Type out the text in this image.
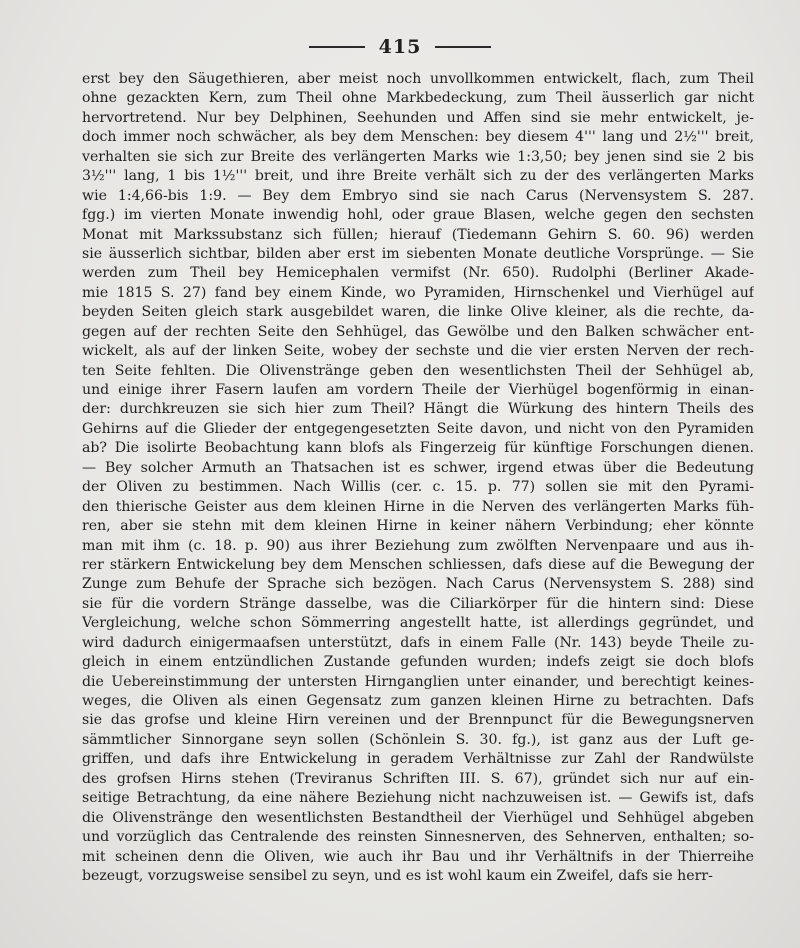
415
erst bey den Säugethieren, aber meist noch unvollkommen entwickelt, flach, zum Theil
ohne gezackten Kern, zum Theil ohne Markbedeckung, zum Theil äusserlich gar nicht
hervortretend. Nur bey Delphinen, Seehunden und Affen sind sie mehr entwickelt, je-
doch immer noch schwächer, als bey dem Menschen: bey diesem 4''' lang und 2½''' breit,
verhalten sie sich zur Breite des verlängerten Marks wie 1:3,50; bey jenen sind sie 2 bis
3½''' lang, 1 bis 1½''' breit, und ihre Breite verhält sich zu der des verlängerten Marks
wie 1:4,66-bis 1:9. — Bey dem Embryo sind sie nach Carus (Nervensystem S. 287.
fgg.) im vierten Monate inwendig hohl, oder graue Blasen, welche gegen den sechsten
Monat mit Markssubstanz sich füllen; hierauf (Tiedemann Gehirn S. 60. 96) werden
sie äusserlich sichtbar, bilden aber erst im siebenten Monate deutliche Vorsprünge. — Sie
werden zum Theil bey Hemicephalen vermifst (Nr. 650). Rudolphi (Berliner Akade-
mie 1815 S. 27) fand bey einem Kinde, wo Pyramiden, Hirnschenkel und Vierhügel auf
beyden Seiten gleich stark ausgebildet waren, die linke Olive kleiner, als die rechte, da-
gegen auf der rechten Seite den Sehhügel, das Gewölbe und den Balken schwächer ent-
wickelt, als auf der linken Seite, wobey der sechste und die vier ersten Nerven der rech-
ten Seite fehlten. Die Olivenstränge geben den wesentlichsten Theil der Sehhügel ab,
und einige ihrer Fasern laufen am vordern Theile der Vierhügel bogenförmig in einan-
der: durchkreuzen sie sich hier zum Theil? Hängt die Würkung des hintern Theils des
Gehirns auf die Glieder der entgegengesetzten Seite davon, und nicht von den Pyramiden
ab? Die isolirte Beobachtung kann blofs als Fingerzeig für künftige Forschungen dienen.
— Bey solcher Armuth an Thatsachen ist es schwer, irgend etwas über die Bedeutung
der Oliven zu bestimmen. Nach Willis (cer. c. 15. p. 77) sollen sie mit den Pyrami-
den thierische Geister aus dem kleinen Hirne in die Nerven des verlängerten Marks füh-
ren, aber sie stehn mit dem kleinen Hirne in keiner nähern Verbindung; eher könnte
man mit ihm (c. 18. p. 90) aus ihrer Beziehung zum zwölften Nervenpaare und aus ih-
rer stärkern Entwickelung bey dem Menschen schliessen, dafs diese auf die Bewegung der
Zunge zum Behufe der Sprache sich bezögen. Nach Carus (Nervensystem S. 288) sind
sie für die vordern Stränge dasselbe, was die Ciliarkörper für die hintern sind: Diese
Vergleichung, welche schon Sömmerring angestellt hatte, ist allerdings gegründet, und
wird dadurch einigermaafsen unterstützt, dafs in einem Falle (Nr. 143) beyde Theile zu-
gleich in einem entzündlichen Zustande gefunden wurden; indefs zeigt sie doch blofs
die Uebereinstimmung der untersten Hirnganglien unter einander, und berechtigt keines-
weges, die Oliven als einen Gegensatz zum ganzen kleinen Hirne zu betrachten. Dafs
sie das grofse und kleine Hirn vereinen und der Brennpunct für die Bewegungsnerven
sämmtlicher Sinnorgane seyn sollen (Schönlein S. 30. fg.), ist ganz aus der Luft ge-
griffen, und dafs ihre Entwickelung in geradem Verhältnisse zur Zahl der Randwülste
des grofsen Hirns stehen (Treviranus Schriften III. S. 67), gründet sich nur auf ein-
seitige Betrachtung, da eine nähere Beziehung nicht nachzuweisen ist. — Gewifs ist, dafs
die Olivenstränge den wesentlichsten Bestandtheil der Vierhügel und Sehhügel abgeben
und vorzüglich das Centralende des reinsten Sinnesnerven, des Sehnerven, enthalten; so-
mit scheinen denn die Oliven, wie auch ihr Bau und ihr Verhältnifs in der Thierreihe
bezeugt, vorzugsweise sensibel zu seyn, und es ist wohl kaum ein Zweifel, dafs sie herr-
